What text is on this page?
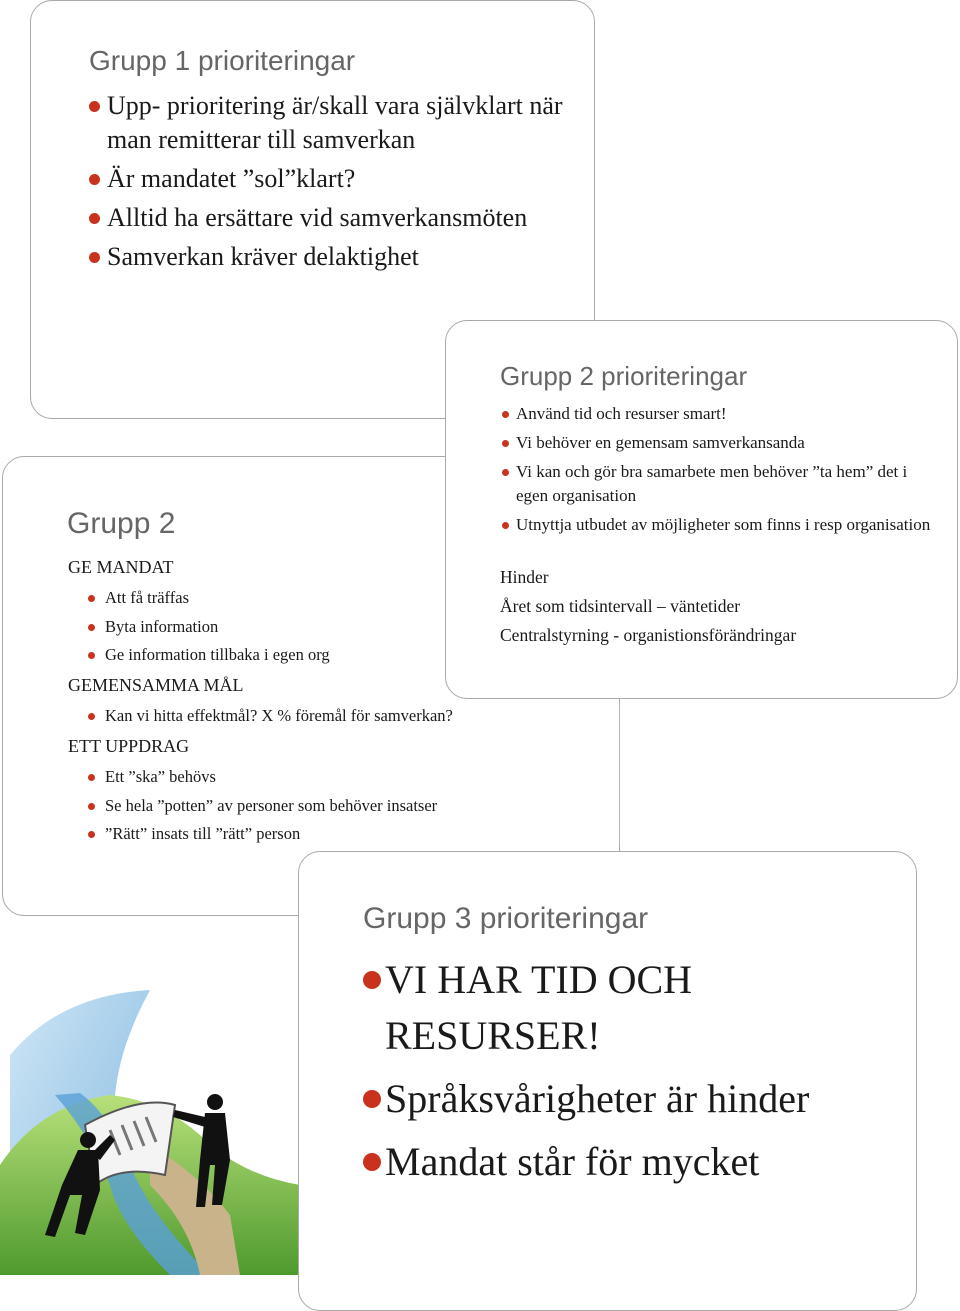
Grupp 1 prioriteringar
Upp- prioritering är/skall vara självklart när man remitterar till samverkan
Är mandatet ”sol”klart?
Alltid ha ersättare vid samverkansmöten
Samverkan kräver delaktighet
Grupp 2
GE MANDAT
Att få träffas
Byta information
Ge information tillbaka i egen org
GEMENSAMMA MÅL
Kan vi hitta effektmål? X % föremål för samverkan?
ETT UPPDRAG
Ett ”ska” behövs
Se hela ”potten” av personer som behöver insatser
”Rätt” insats till ”rätt” person
Grupp 2 prioriteringar
Använd tid och resurser smart!
Vi behöver en gemensam samverkansanda
Vi kan och gör bra samarbete men behöver ”ta hem” det i egen organisation
Utnyttja utbudet av möjligheter som finns i resp organisation
Hinder
Året som tidsintervall – väntetider
Centralstyrning - organistionsförändringar
Grupp 3 prioriteringar
VI HAR TID OCH RESURSER!
Språksvårigheter är hinder
Mandat står för mycket
